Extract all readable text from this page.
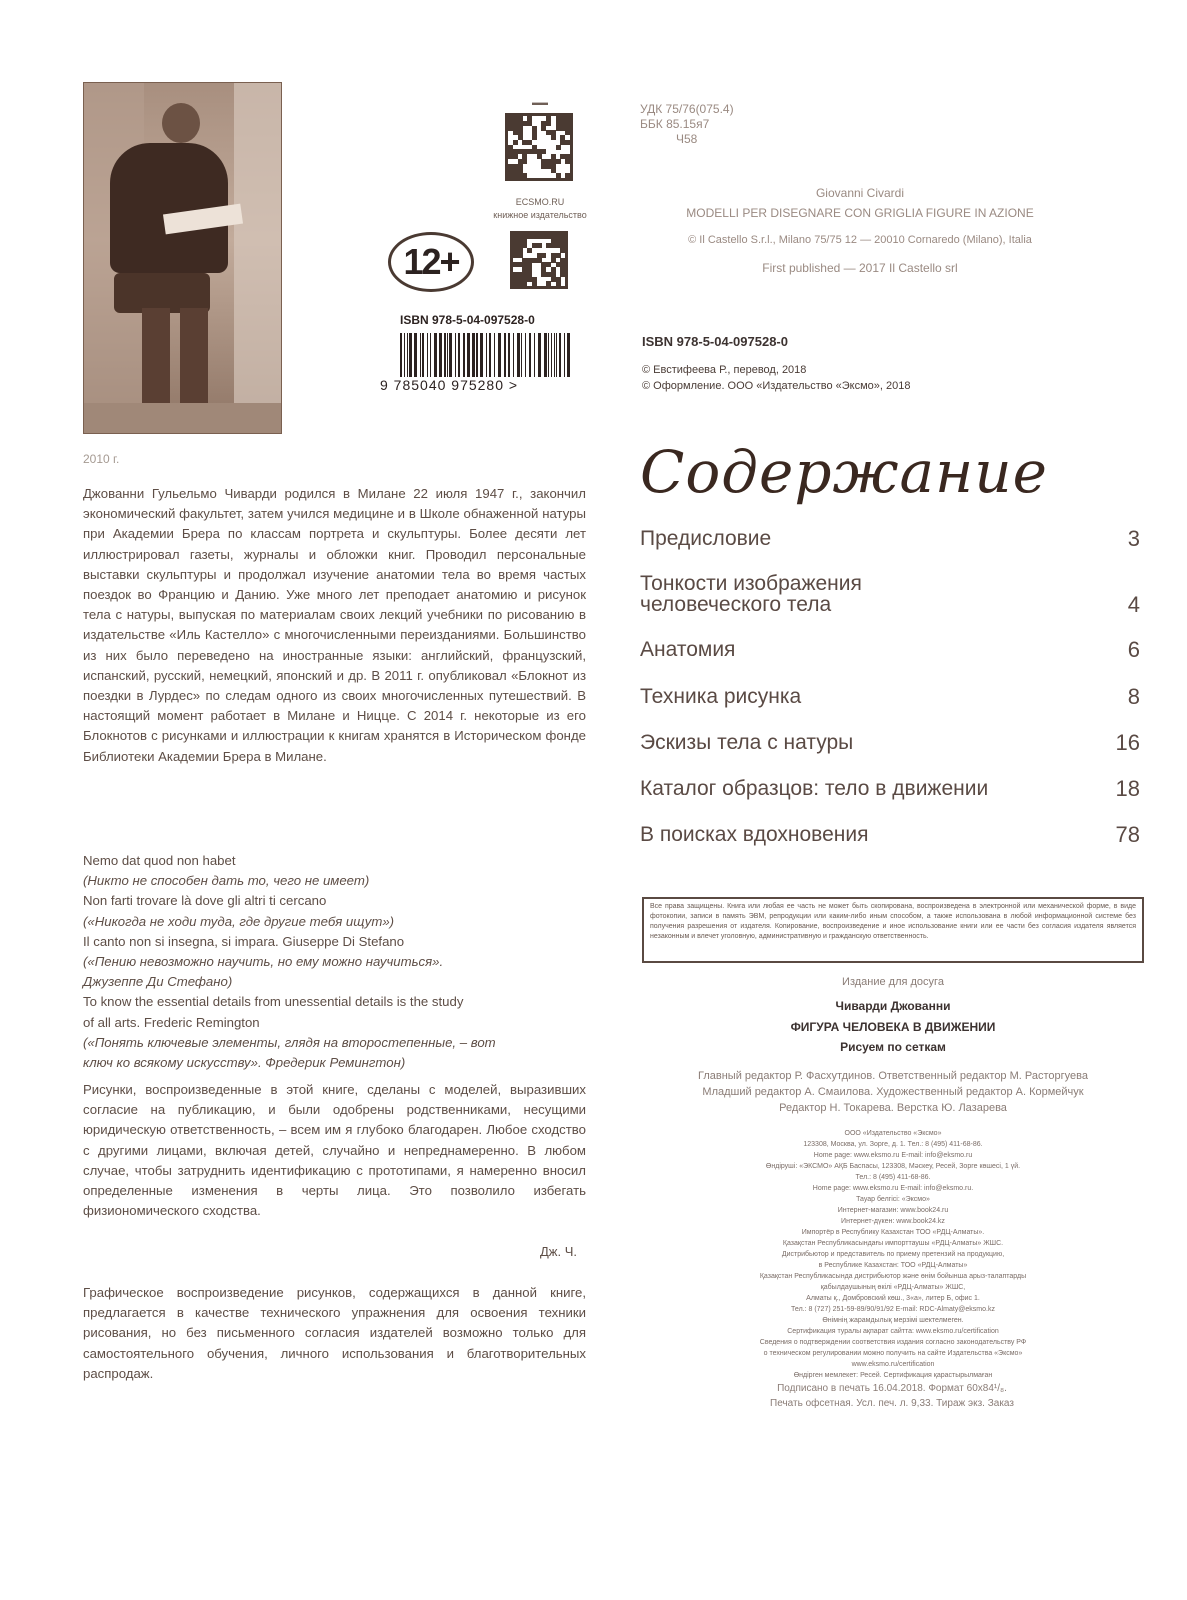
▬▬
ECSMO.RU
книжное издательство
12+
ISBN 978-5-04-097528-0
9 785040 975280 >
УДК 75/76(075.4)
ББК 85.15я7
Ч58
Giovanni Civardi
MODELLI PER DISEGNARE CON GRIGLIA FIGURE IN AZIONE
© Il Castello S.r.l., Milano 75/75 12 — 20010 Cornaredo (Milano), Italia
First published — 2017 Il Castello srl
ISBN 978-5-04-097528-0
© Евстифеева Р., перевод, 2018
© Оформление. ООО «Издательство «Эксмо», 2018
Содержание
Предисловие	3
Тонкости изображения человеческого тела	4
Анатомия	6
Техника рисунка	8
Эскизы тела с натуры	16
Каталог образцов: тело в движении	18
В поисках вдохновения	78
2010 г.
Джованни Гульельмо Чиварди родился в Милане 22 июля 1947 г., закончил экономический факультет, затем учился медицине и в Школе обнаженной натуры при Академии Брера по классам портрета и скульптуры. Более десяти лет иллюстрировал газеты, журналы и обложки книг. Проводил персональные выставки скульптуры и продолжал изучение анатомии тела во время частых поездок во Францию и Данию. Уже много лет преподает анатомию и рисунок тела с натуры, выпуская по материалам своих лекций учебники по рисованию в издательстве «Иль Кастелло» с многочисленными переизданиями. Большинство из них было переведено на иностранные языки: английский, французский, испанский, русский, немецкий, японский и др. В 2011 г. опубликовал «Блокнот из поездки в Лурдес» по следам одного из своих многочисленных путешествий. В настоящий момент работает в Милане и Ниццe. С 2014 г. некоторые из его Блокнотов с рисунками и иллюстрации к книгам хранятся в Историческом фонде Библиотеки Академии Брера в Милане.
Nemo dat quod non habet
(Никто не способен дать то, чего не имеет)
Non farti trovare là dove gli altri ti cercano
(«Никогда не ходи туда, где другие тебя ищут»)
Il canto non si insegna, si impara. Giuseppe Di Stefano
(«Пению невозможно научить, но ему можно научиться».
Джузеппе Ди Стефано)
To know the essential details from unessential details is the study
of all arts. Frederic Remington
(«Понять ключевые элементы, глядя на второстепенные, – вот
ключ ко всякому искусству». Фредерик Ремингтон)
Рисунки, воспроизведенные в этой книге, сделаны с моделей, выразивших согласие на публикацию, и были одобрены родственниками, несущими юридическую ответственность, – всем им я глубоко благодарен. Любое сходство с другими лицами, включая детей, случайно и непреднамеренно. В любом случае, чтобы затруднить идентификацию с прототипами, я намеренно вносил определенные изменения в черты лица. Это позволило избегать физиономического сходства.
Дж. Ч.
Графическое воспроизведение рисунков, содержащихся в данной книге, предлагается в качестве технического упражнения для освоения техники рисования, но без письменного согласия издателей возможно только для самостоятельного обучения, личного использования и благотворительных распродаж.
Все права защищены. Книга или любая ее часть не может быть скопирована, воспроизведена в электронной или механической форме, в виде фотокопии, записи в память ЭВМ, репродукции или каким-либо иным способом, а также использована в любой информационной системе без получения разрешения от издателя. Копирование, воспроизведение и иное использование книги или ее части без согласия издателя является незаконным и влечет уголовную, административную и гражданскую ответственность.
Издание для досуга
Чиварди Джованни
ФИГУРА ЧЕЛОВЕКА В ДВИЖЕНИИ
Рисуем по сеткам
Главный редактор Р. Фасхутдинов. Ответственный редактор М. Расторгуева
Младший редактор А. Смаилова. Художественный редактор А. Кормейчук
Редактор Н. Токарева. Верстка Ю. Лазарева
ООО «Издательство «Эксмо»
123308, Москва, ул. Зорге, д. 1. Тел.: 8 (495) 411-68-86.
Home page: www.eksmo.ru E-mail: info@eksmo.ru
Өндіруші: «ЭКСМО» АҚБ Баспасы, 123308, Мәскеу, Ресей, Зорге көшесі, 1 үй.
Тел.: 8 (495) 411-68-86.
Home page: www.eksmo.ru E-mail: info@eksmo.ru.
Тауар белгісі: «Эксмо»
Интернет-магазин: www.book24.ru
Интернет-дүкен: www.book24.kz
Импортёр в Республику Казахстан ТОО «РДЦ-Алматы».
Қазақстан Республикасындағы импорттаушы «РДЦ-Алматы» ЖШС.
Дистрибьютор и представитель по приему претензий на продукцию,
в Республике Казахстан: ТОО «РДЦ-Алматы»
Қазақстан Республикасында дистрибьютор және өнім бойынша арыз-талаптарды
қабылдаушының өкілі «РДЦ-Алматы» ЖШС,
Алматы қ., Домбровский көш., 3«а», литер Б, офис 1.
Тел.: 8 (727) 251-59-89/90/91/92 E-mail: RDC-Almaty@eksmo.kz
Өнімнің жарамдылық мерзімі шектелмеген.
Сертификация туралы ақпарат сайтта: www.eksmo.ru/certification
Сведения о подтверждении соответствия издания согласно законодательству РФ
о техническом регулировании можно получить на сайте Издательства «Эксмо»
www.eksmo.ru/certification
Өндірген мемлекет: Ресей. Сертификация қарастырылмаған
Подписано в печать 16.04.2018. Формат 60x84¹/₈.
Печать офсетная. Усл. печ. л. 9,33. Тираж экз. Заказ
